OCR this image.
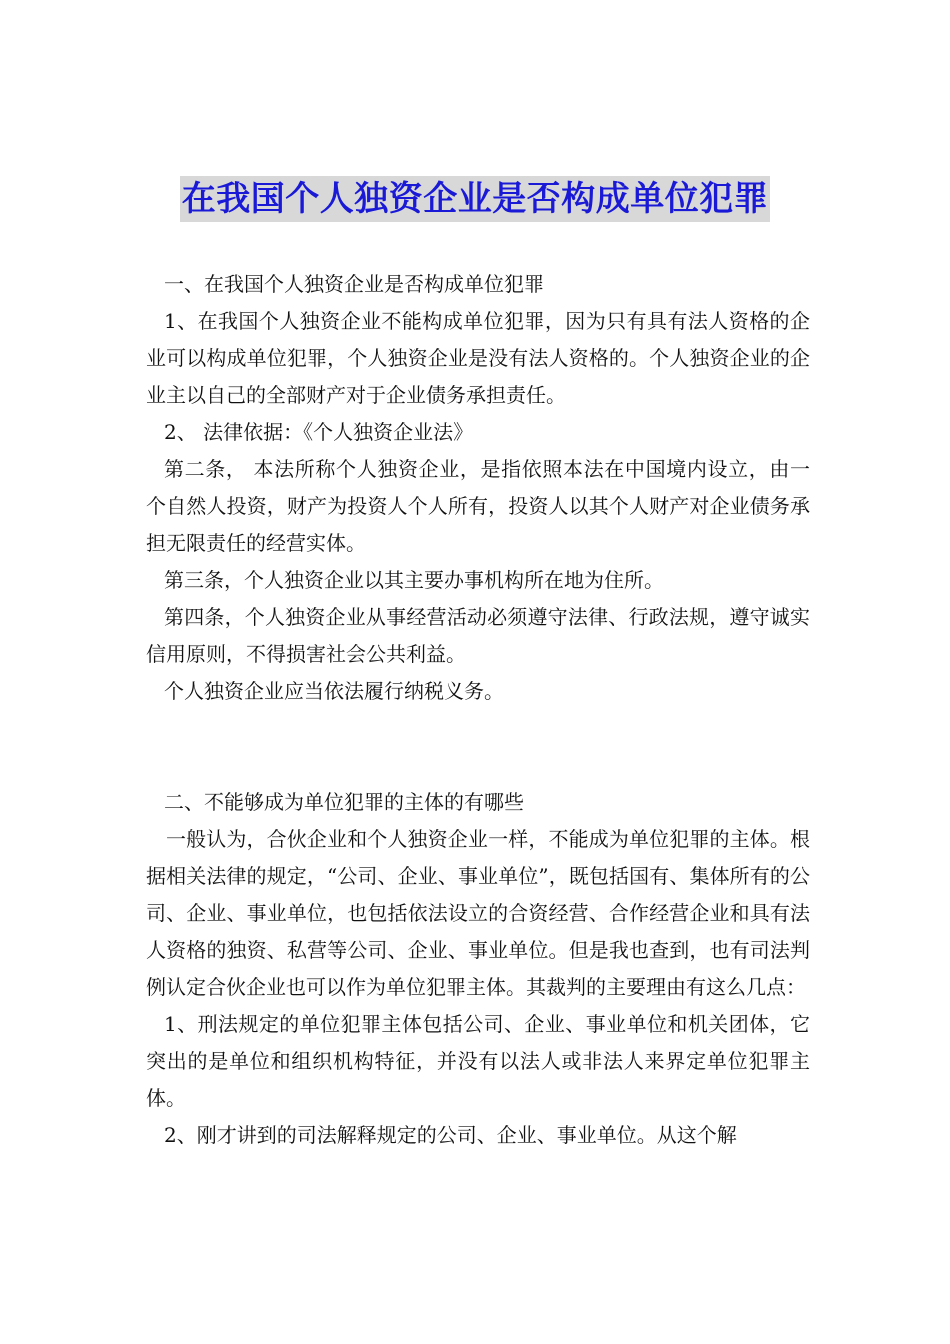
在我国个人独资企业是否构成单位犯罪

一、在我国个人独资企业是否构成单位犯罪

1、在我国个人独资企业不能构成单位犯罪，因为只有具有法人资格的企业可以构成单位犯罪，个人独资企业是没有法人资格的。个人独资企业的企业主以自己的全部财产对于企业债务承担责任。

2、 法律依据：《个人独资企业法》

第二条， 本法所称个人独资企业，是指依照本法在中国境内设立，由一个自然人投资，财产为投资人个人所有，投资人以其个人财产对企业债务承担无限责任的经营实体。

第三条，个人独资企业以其主要办事机构所在地为住所。

第四条，个人独资企业从事经营活动必须遵守法律、行政法规，遵守诚实信用原则，不得损害社会公共利益。

个人独资企业应当依法履行纳税义务。

二、不能够成为单位犯罪的主体的有哪些

一般认为，合伙企业和个人独资企业一样，不能成为单位犯罪的主体。根据相关法律的规定，“公司、企业、事业单位”，既包括国有、集体所有的公司、企业、事业单位，也包括依法设立的合资经营、合作经营企业和具有法人资格的独资、私营等公司、企业、事业单位。但是我也查到，也有司法判例认定合伙企业也可以作为单位犯罪主体。其裁判的主要理由有这么几点：

1、刑法规定的单位犯罪主体包括公司、企业、事业单位和机关团体，它突出的是单位和组织机构特征，并没有以法人或非法人来界定单位犯罪主体。

2、刚才讲到的司法解释规定的公司、企业、事业单位。从这个解
